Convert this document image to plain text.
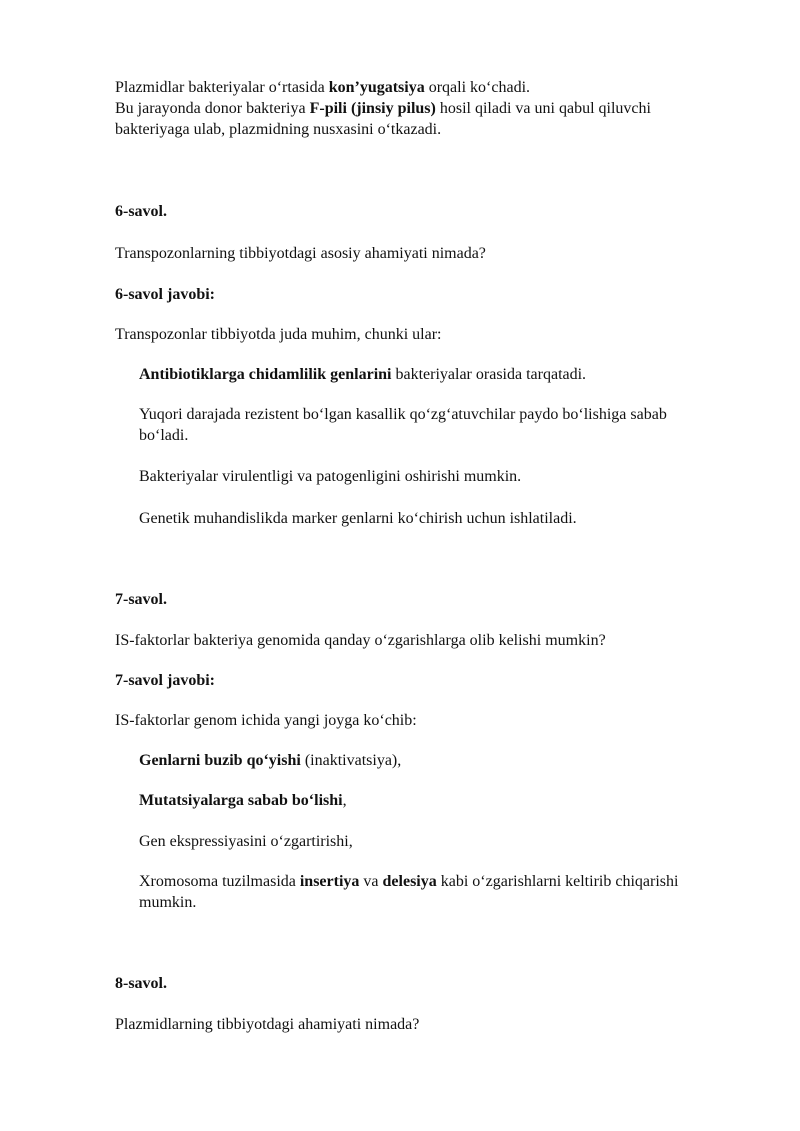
Plazmidlar bakteriyalar o‘rtasida kon’yugatsiya orqali ko‘chadi.
Bu jarayonda donor bakteriya F-pili (jinsiy pilus) hosil qiladi va uni qabul qiluvchi bakteriyaga ulab, plazmidning nusxasini o‘tkazadi.

6-savol.

Transpozonlarning tibbiyotdagi asosiy ahamiyati nimada?

6-savol javobi:

Transpozonlar tibbiyotda juda muhim, chunki ular:

Antibiotiklarga chidamlilik genlarini bakteriyalar orasida tarqatadi.

Yuqori darajada rezistent bo‘lgan kasallik qo‘zg‘atuvchilar paydo bo‘lishiga sabab bo‘ladi.

Bakteriyalar virulentligi va patogenligini oshirishi mumkin.

Genetik muhandislikda marker genlarni ko‘chirish uchun ishlatiladi.

7-savol.

IS-faktorlar bakteriya genomida qanday o‘zgarishlarga olib kelishi mumkin?

7-savol javobi:

IS-faktorlar genom ichida yangi joyga ko‘chib:

Genlarni buzib qo‘yishi (inaktivatsiya),

Mutatsiyalarga sabab bo‘lishi,

Gen ekspressiyasini o‘zgartirishi,

Xromosoma tuzilmasida insertiya va delesiya kabi o‘zgarishlarni keltirib chiqarishi mumkin.

8-savol.

Plazmidlarning tibbiyotdagi ahamiyati nimada?
